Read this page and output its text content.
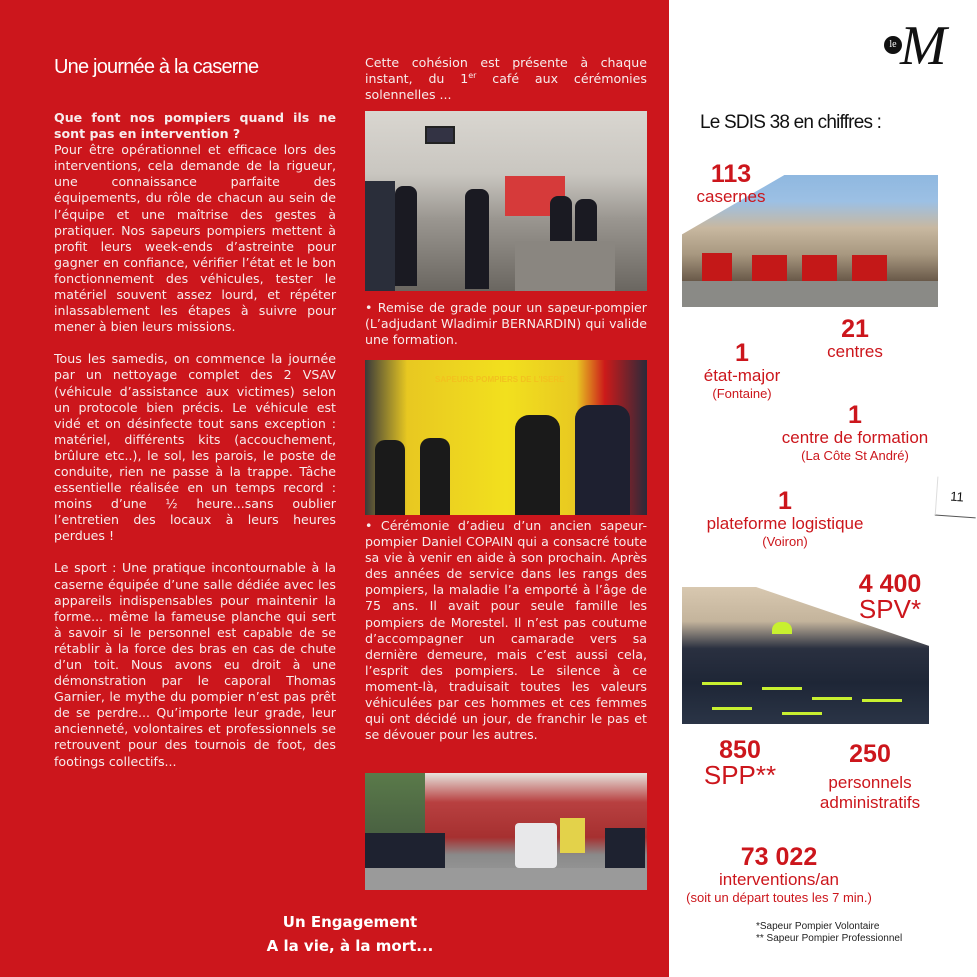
Une journée à la caserne

Que font nos pompiers quand ils ne sont pas en intervention ?

Pour être opérationnel et efficace lors des interventions, cela demande de la rigueur, une connaissance parfaite des équipements, du rôle de chacun au sein de l’équipe et une maîtrise des gestes à pratiquer. Nos sapeurs pompiers mettent à profit leurs week-ends d’astreinte pour gagner en confiance, vérifier l’état et le bon fonctionnement des véhicules, tester le matériel souvent assez lourd, et répéter inlassablement les étapes à suivre pour mener à bien leurs missions.

Tous les samedis, on commence la journée par un nettoyage complet des 2 VSAV (véhicule d’assistance aux victimes) selon un protocole bien précis. Le véhicule est vidé et on désinfecte tout sans exception : matériel, différents kits (accouchement, brûlure etc..), le sol, les parois, le poste de conduite, rien ne passe à la trappe. Tâche essentielle réalisée en un temps record : moins d’une ½ heure...sans oublier l’entretien des locaux à leurs heures perdues !

Le sport : Une pratique incontournable à la caserne équipée d’une salle dédiée avec les appareils indispensables pour maintenir la forme... même la fameuse planche qui sert à savoir si le personnel est capable de se rétablir à la force des bras en cas de chute d’un toit. Nous avons eu droit à une démonstration par le caporal Thomas Garnier, le mythe du pompier n’est pas prêt de se perdre... Qu’importe leur grade, leur ancienneté, volontaires et professionnels se retrouvent pour des tournois de foot, des footings collectifs...

Cette cohésion est présente à chaque instant, du 1er café aux cérémonies solennelles ...
• Remise de grade pour un sapeur-pompier (L’adjudant Wladimir BERNARDIN) qui valide une formation.
SAPEURS POMPIERS DE L'ISERE
• Cérémonie d’adieu d’un ancien sapeur-pompier Daniel COPAIN qui a consacré toute sa vie à venir en aide à son prochain. Après des années de service dans les rangs des pompiers, la maladie l’a emporté à l’âge de 75 ans. Il avait pour seule famille les pompiers de Morestel. Il n’est pas coutume d’accompagner un camarade vers sa dernière demeure, mais c’est aussi cela, l’esprit des pompiers. Le silence à ce moment-là, traduisait toutes les valeurs véhiculées par ces hommes et ces femmes qui ont décidé un jour, de franchir le pas et se dévouer pour les autres.
Un Engagement
A la vie, à la mort...
le M
Le SDIS 38 en chiffres :
113
casernes
21
centres
1
état-major
(Fontaine)
1
centre de formation
(La Côte St André)
1
plateforme logistique
(Voiron)
11
4 400
SPV*
850
SPP**
250
personnels
administratifs
73 022
interventions/an
(soit un départ toutes les 7 min.)
*Sapeur Pompier Volontaire
** Sapeur Pompier Professionnel
